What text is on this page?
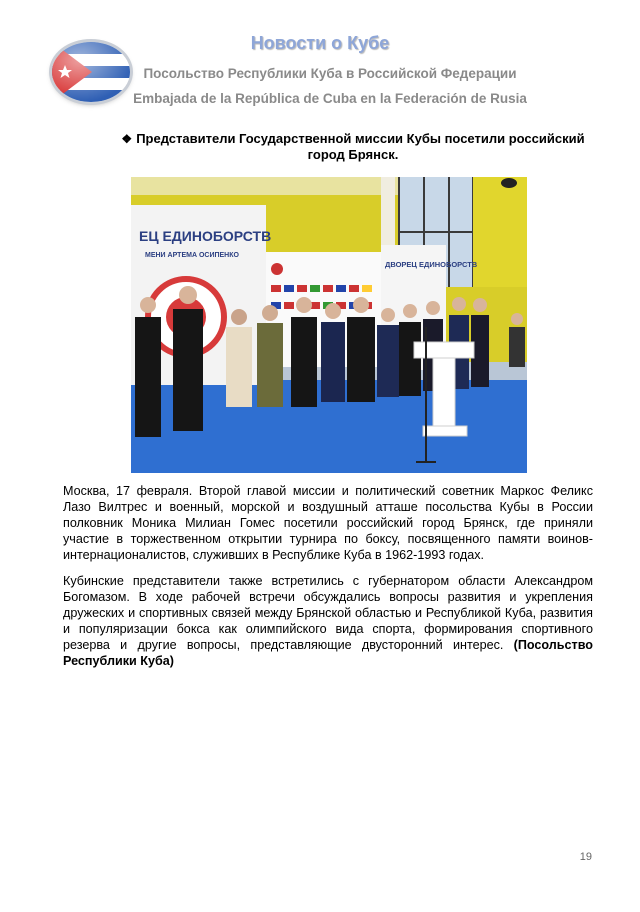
Новости о Кубе
Посольство Республики Куба в Российской Федерации
Embajada de la República de Cuba en la Federación de Rusia
❖ Представители Государственной миссии Кубы посетили российский город Брянск.
ЕЦ ЕДИНОБОРСТВ
МЕНИ АРТЕМА ОСИПЕНКО
ДВОРЕЦ ЕДИНОБОРСТВ

Москва, 17 февраля. Второй главой миссии и политический советник Маркос Феликс Лазо Вилтрес и военный, морской и воздушный атташе посольства Кубы в России полковник Моника Милиан Гомес посетили российский город Брянск, где приняли участие в торжественном открытии турнира по боксу, посвященного памяти воинов-интернационалистов, служивших в Республике Куба в 1962-1993 годах.

Кубинские представители также встретились с губернатором области Александром Богомазом. В ходе рабочей встречи обсуждались вопросы развития и укрепления дружеских и спортивных связей между Брянской областью и Республикой Куба, развития и популяризации бокса как олимпийского вида спорта, формирования спортивного резерва и другие вопросы, представляющие двусторонний интерес. (Посольство Республики Куба)

19
